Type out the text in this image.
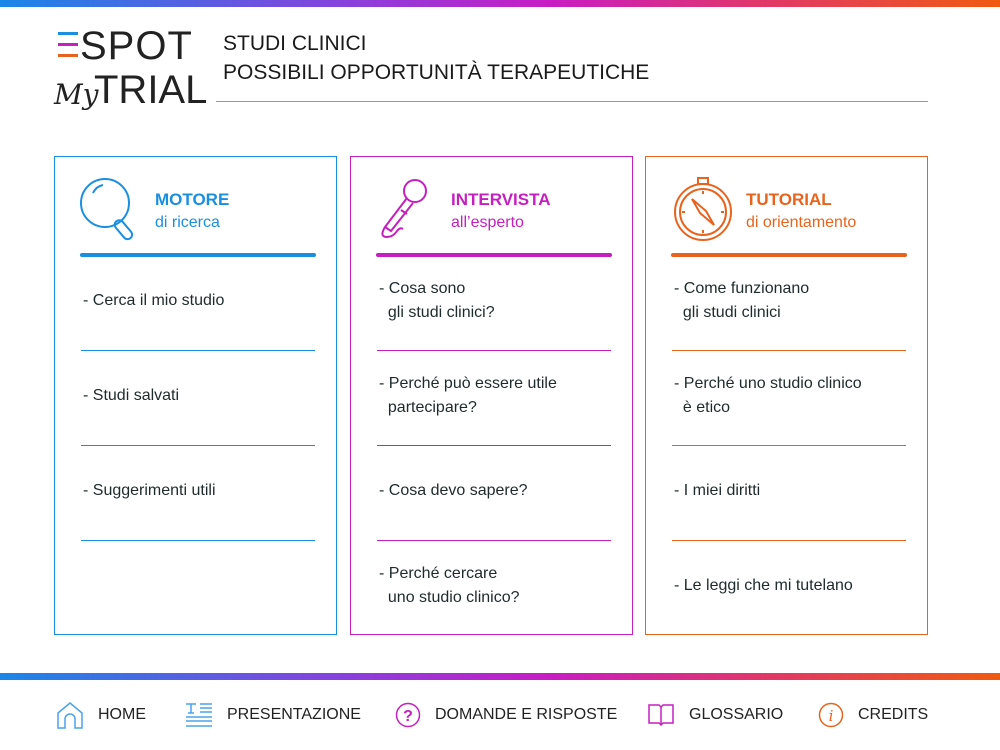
SPOT
My
TRIAL
STUDI CLINICI
POSSIBILI OPPORTUNITÀ TERAPEUTICHE
MOTORE
di ricerca
- Cerca il mio studio
- Studi salvati
- Suggerimenti utili
INTERVISTA
all’esperto
- Cosa sono
gli studi clinici?
- Perché può essere utile
partecipare?
- Cosa devo sapere?
- Perché cercare
uno studio clinico?
TUTORIAL
di orientamento
- Come funzionano
gli studi clinici
- Perché uno studio clinico
è etico
- I miei diritti
- Le leggi che mi tutelano
HOME	PRESENTAZIONE	? DOMANDE E RISPOSTE	GLOSSARIO	i CREDITS
